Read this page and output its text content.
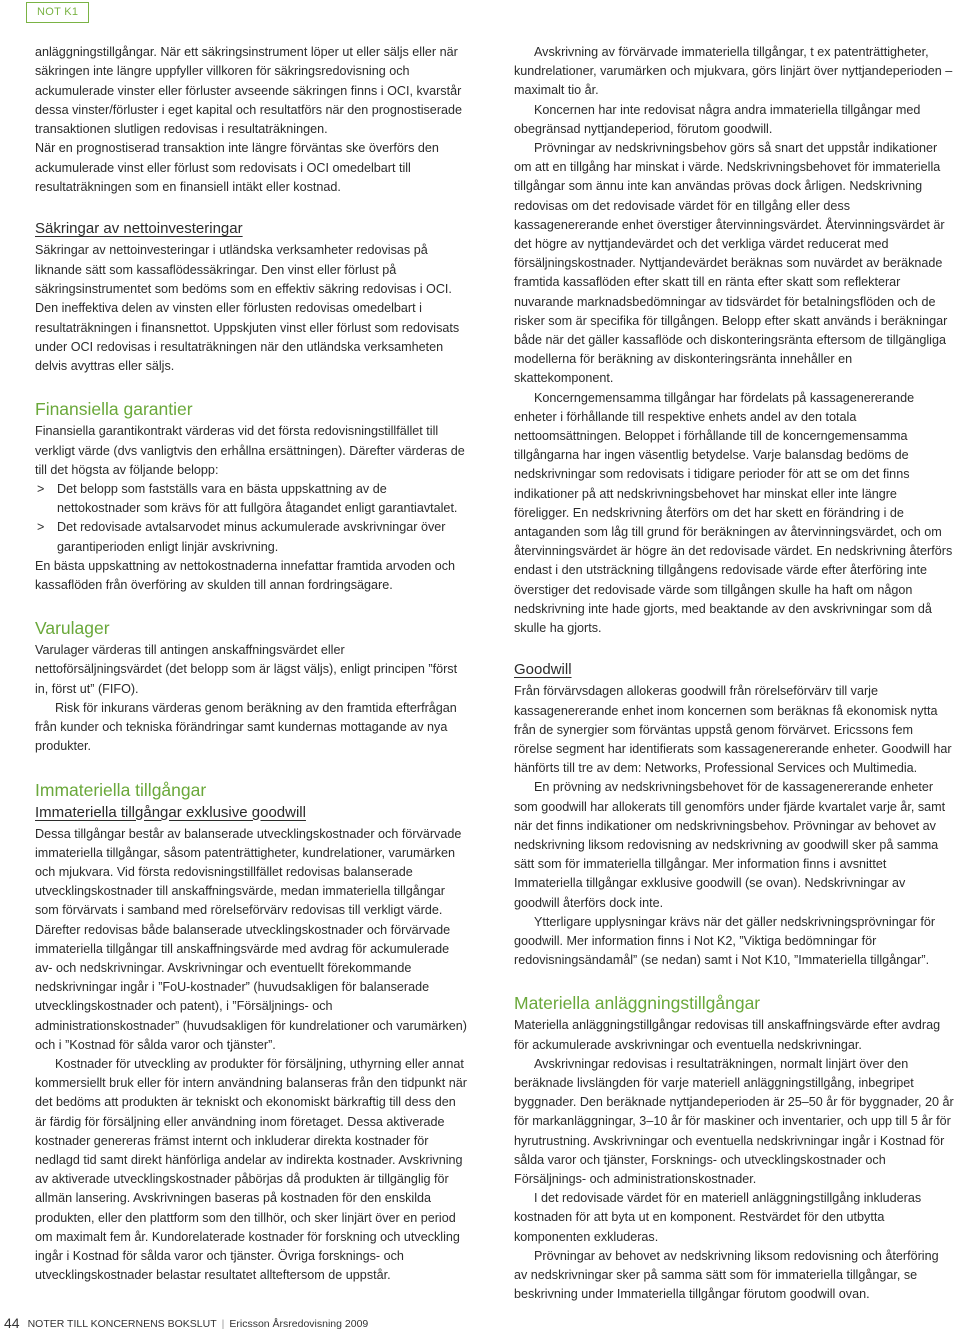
NOT K1

anläggningstillgångar. När ett säkringsinstrument löper ut eller säljs eller när säkringen inte längre uppfyller villkoren för säkringsredovisning och ackumulerade vinster eller förluster avseende säkringen finns i OCI, kvarstår dessa vinster/förluster i eget kapital och resultatförs när den prognostiserade transaktionen slutligen redovisas i resultaträkningen.

När en prognostiserad transaktion inte längre förväntas ske överförs den ackumulerade vinst eller förlust som redovisats i OCI omedelbart till resultaträkningen som en finansiell intäkt eller kostnad.

Säkringar av nettoinvesteringar

Säkringar av nettoinvesteringar i utländska verksamheter redovisas på liknande sätt som kassaflödessäkringar. Den vinst eller förlust på säkringsinstrumentet som bedöms som en effektiv säkring redovisas i OCI. Den ineffektiva delen av vinsten eller förlusten redovisas omedelbart i resultaträkningen i finansnettot. Uppskjuten vinst eller förlust som redovisats under OCI redovisas i resultaträkningen när den utländska verksamheten delvis avyttras eller säljs.

Finansiella garantier

Finansiella garantikontrakt värderas vid det första redovisningstillfället till verkligt värde (dvs vanligtvis den erhållna ersättningen). Därefter värderas de till det högsta av följande belopp:

> Det belopp som fastställs vara en bästa uppskattning av de nettokostnader som krävs för att fullgöra åtagandet enligt garantiavtalet.
> Det redovisade avtalsarvodet minus ackumulerade avskrivningar över garantiperioden enligt linjär avskrivning.

En bästa uppskattning av nettokostnaderna innefattar framtida arvoden och kassaflöden från överföring av skulden till annan fordringsägare.

Varulager

Varulager värderas till antingen anskaffningsvärdet eller nettoförsäljningsvärdet (det belopp som är lägst väljs), enligt principen ”först in, först ut” (FIFO).

Risk för inkurans värderas genom beräkning av den framtida efterfrågan från kunder och tekniska förändringar samt kundernas mottagande av nya produkter.

Immateriella tillgångar
Immateriella tillgångar exklusive goodwill

Dessa tillgångar består av balanserade utvecklingskostnader och förvärvade immateriella tillgångar, såsom patenträttigheter, kundrelationer, varumärken och mjukvara. Vid första redovisningstillfället redovisas balanserade utvecklingskostnader till anskaffningsvärde, medan immateriella tillgångar som förvärvats i samband med rörelseförvärv redovisas till verkligt värde. Därefter redovisas både balanserade utvecklingskostnader och förvärvade immateriella tillgångar till anskaffningsvärde med avdrag för ackumulerade av- och nedskrivningar. Avskrivningar och eventuellt förekommande nedskrivningar ingår i ”FoU-kostnader” (huvudsakligen för balanserade utvecklingskostnader och patent), i ”Försäljnings- och administrationskostnader” (huvudsakligen för kundrelationer och varumärken) och i ”Kostnad för sålda varor och tjänster”.

Kostnader för utveckling av produkter för försäljning, uthyrning eller annat kommersiellt bruk eller för intern användning balanseras från den tidpunkt när det bedöms att produkten är tekniskt och ekonomiskt bärkraftig till dess den är färdig för försäljning eller användning inom företaget. Dessa aktiverade kostnader genereras främst internt och inkluderar direkta kostnader för nedlagd tid samt direkt hänförliga andelar av indirekta kostnader. Avskrivning av aktiverade utvecklingskostnader påbörjas då produkten är tillgänglig för allmän lansering. Avskrivningen baseras på kostnaden för den enskilda produkten, eller den plattform som den tillhör, och sker linjärt över en period om maximalt fem år. Kundorelaterade kostnader för forskning och utveckling ingår i Kostnad för sålda varor och tjänster. Övriga forsknings- och utvecklingskostnader belastar resultatet allteftersom de uppstår.

Avskrivning av förvärvade immateriella tillgångar, t ex patenträttigheter, kundrelationer, varumärken och mjukvara, görs linjärt över nyttjandeperioden – maximalt tio år.

Koncernen har inte redovisat några andra immateriella tillgångar med obegränsad nyttjandeperiod, förutom goodwill.

Prövningar av nedskrivningsbehov görs så snart det uppstår indikationer om att en tillgång har minskat i värde. Nedskrivningsbehovet för immateriella tillgångar som ännu inte kan användas prövas dock årligen. Nedskrivning redovisas om det redovisade värdet för en tillgång eller dess kassagenererande enhet överstiger återvinningsvärdet. Återvinningsvärdet är det högre av nyttjandevärdet och det verkliga värdet reducerat med försäljningskostnader. Nyttjandevärdet beräknas som nuvärdet av beräknade framtida kassaflöden efter skatt till en ränta efter skatt som reflekterar nuvarande marknadsbedömningar av tidsvärdet för betalningsflöden och de risker som är specifika för tillgången. Belopp efter skatt används i beräkningar både när det gäller kassaflöde och diskonteringsränta eftersom de tillgängliga modellerna för beräkning av diskonteringsränta innehåller en skattekomponent.

Koncerngemensamma tillgångar har fördelats på kassagenererande enheter i förhållande till respektive enhets andel av den totala nettoomsättningen. Beloppet i förhållande till de koncerngemensamma tillgångarna har ingen väsentlig betydelse. Varje balansdag bedöms de nedskrivningar som redovisats i tidigare perioder för att se om det finns indikationer på att nedskrivningsbehovet har minskat eller inte längre föreligger. En nedskrivning återförs om det har skett en förändring i de antaganden som låg till grund för beräkningen av återvinningsvärdet, och om återvinningsvärdet är högre än det redovisade värdet. En nedskrivning återförs endast i den utsträckning tillgångens redovisade värde efter återföring inte överstiger det redovisade värde som tillgången skulle ha haft om någon nedskrivning inte hade gjorts, med beaktande av den avskrivningar som då skulle ha gjorts.

Goodwill

Från förvärvsdagen allokeras goodwill från rörelseförvärv till varje kassagenererande enhet inom koncernen som beräknas få ekonomisk nytta från de synergier som förväntas uppstå genom förvärvet. Ericssons fem rörelse segment har identifierats som kassagenererande enheter. Goodwill har hänförts till tre av dem: Networks, Professional Services och Multimedia.

En prövning av nedskrivningsbehovet för de kassagenererande enheter som goodwill har allokerats till genomförs under fjärde kvartalet varje år, samt när det finns indikationer om nedskrivningsbehov. Prövningar av behovet av nedskrivning liksom redovisning av nedskrivning av goodwill sker på samma sätt som för immateriella tillgångar. Mer information finns i avsnittet Immateriella tillgångar exklusive goodwill (se ovan). Nedskrivningar av goodwill återförs dock inte.

Ytterligare upplysningar krävs när det gäller nedskrivningsprövningar för goodwill. Mer information finns i Not K2, ”Viktiga bedömningar för redovisningsändamål” (se nedan) samt i Not K10, ”Immateriella tillgångar”.

Materiella anläggningstillgångar

Materiella anläggningstillgångar redovisas till anskaffningsvärde efter avdrag för ackumulerade avskrivningar och eventuella nedskrivningar.

Avskrivningar redovisas i resultaträkningen, normalt linjärt över den beräknade livslängden för varje materiell anläggningstillgång, inbegripet byggnader. Den beräknade nyttjandeperioden är 25–50 år för byggnader, 20 år för markanläggningar, 3–10 år för maskiner och inventarier, och upp till 5 år för hyrutrustning. Avskrivningar och eventuella nedskrivningar ingår i Kostnad för sålda varor och tjänster, Forsknings- och utvecklingskostnader och Försäljnings- och administrationskostnader.

I det redovisade värdet för en materiell anläggningstillgång inkluderas kostnaden för att byta ut en komponent. Restvärdet för den utbytta komponenten exkluderas.

Prövningar av behovet av nedskrivning liksom redovisning och återföring av nedskrivningar sker på samma sätt som för immateriella tillgångar, se beskrivning under Immateriella tillgångar förutom goodwill ovan.

44 NOTER TILL KONCERNENS BOKSLUT | Ericsson Årsredovisning 2009
